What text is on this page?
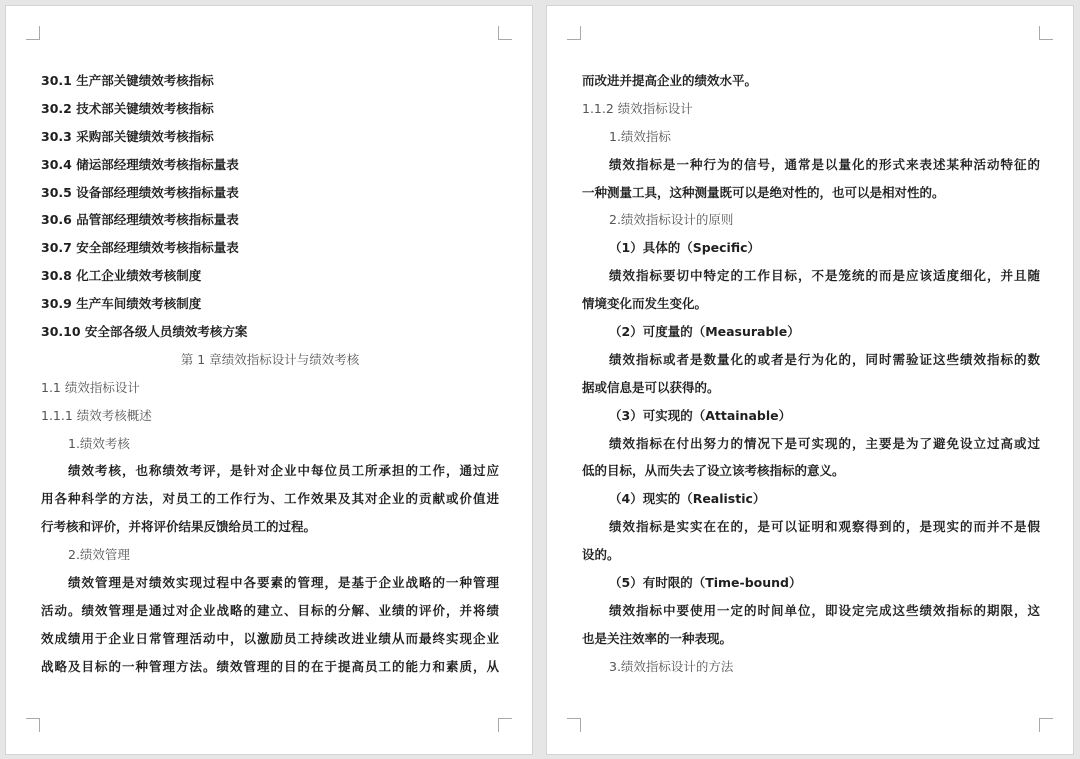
30.1 生产部关键绩效考核指标
30.2 技术部关键绩效考核指标
30.3 采购部关键绩效考核指标
30.4 储运部经理绩效考核指标量表
30.5 设备部经理绩效考核指标量表
30.6 品管部经理绩效考核指标量表
30.7 安全部经理绩效考核指标量表
30.8 化工企业绩效考核制度
30.9 生产车间绩效考核制度
30.10 安全部各级人员绩效考核方案
第 1 章绩效指标设计与绩效考核
1.1 绩效指标设计
1.1.1 绩效考核概述
1.绩效考核
绩效考核，也称绩效考评，是针对企业中每位员工所承担的工作，通过应
用各种科学的方法，对员工的工作行为、工作效果及其对企业的贡献或价值进
行考核和评价，并将评价结果反馈给员工的过程。
2.绩效管理
绩效管理是对绩效实现过程中各要素的管理，是基于企业战略的一种管理
活动。绩效管理是通过对企业战略的建立、目标的分解、业绩的评价，并将绩
效成绩用于企业日常管理活动中，以激励员工持续改进业绩从而最终实现企业
战略及目标的一种管理方法。绩效管理的目的在于提高员工的能力和素质，从
而改进并提高企业的绩效水平。
1.1.2 绩效指标设计
1.绩效指标
绩效指标是一种行为的信号，通常是以量化的形式来表述某种活动特征的
一种测量工具，这种测量既可以是绝对性的，也可以是相对性的。
2.绩效指标设计的原则
（1）具体的（Specific）
绩效指标要切中特定的工作目标，不是笼统的而是应该适度细化，并且随
情境变化而发生变化。
（2）可度量的（Measurable）
绩效指标或者是数量化的或者是行为化的，同时需验证这些绩效指标的数
据或信息是可以获得的。
（3）可实现的（Attainable）
绩效指标在付出努力的情况下是可实现的，主要是为了避免设立过高或过
低的目标，从而失去了设立该考核指标的意义。
（4）现实的（Realistic）
绩效指标是实实在在的，是可以证明和观察得到的，是现实的而并不是假
设的。
（5）有时限的（Time-bound）
绩效指标中要使用一定的时间单位，即设定完成这些绩效指标的期限，这
也是关注效率的一种表现。
3.绩效指标设计的方法
